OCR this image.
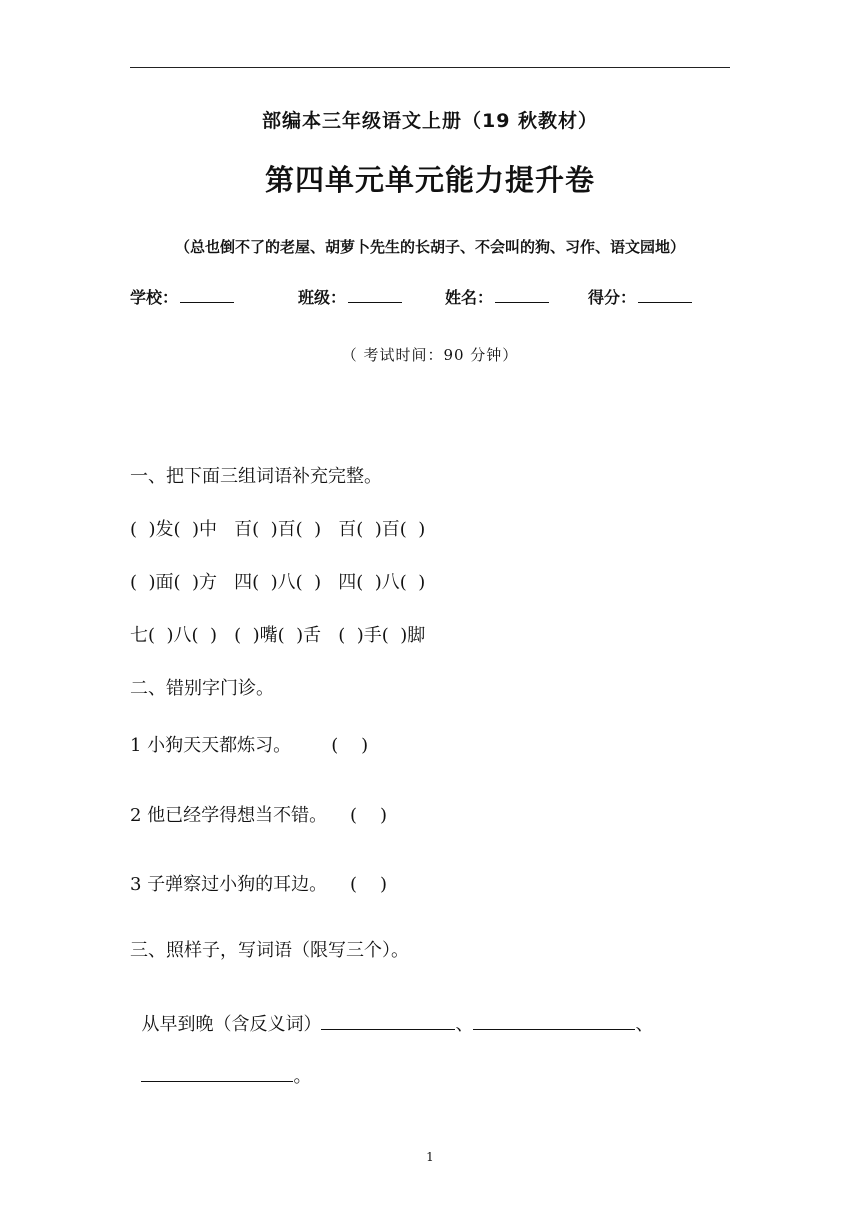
部编本三年级语文上册（19 秋教材）
第四单元单元能力提升卷
（总也倒不了的老屋、胡萝卜先生的长胡子、不会叫的狗、习作、语文园地）
学校：	班级：	姓名：	得分：
（ 考试时间：90 分钟）
一、把下面三组词语补充完整。
(  )发(  )中   百(  )百(  )   百(  )百(  )
(  )面(  )方   四(  )八(  )   四(  )八(  )
七(  )八(  )   (  )嘴(  )舌   (  )手(  )脚
二、错别字门诊。
1 小狗天天都炼习。       (    )
2 他已经学得想当不错。    (    )
3 子弹察过小狗的耳边。    (    )
三、照样子，写词语（限写三个）。

从早到晚（含反义词）	、	、

。

1
